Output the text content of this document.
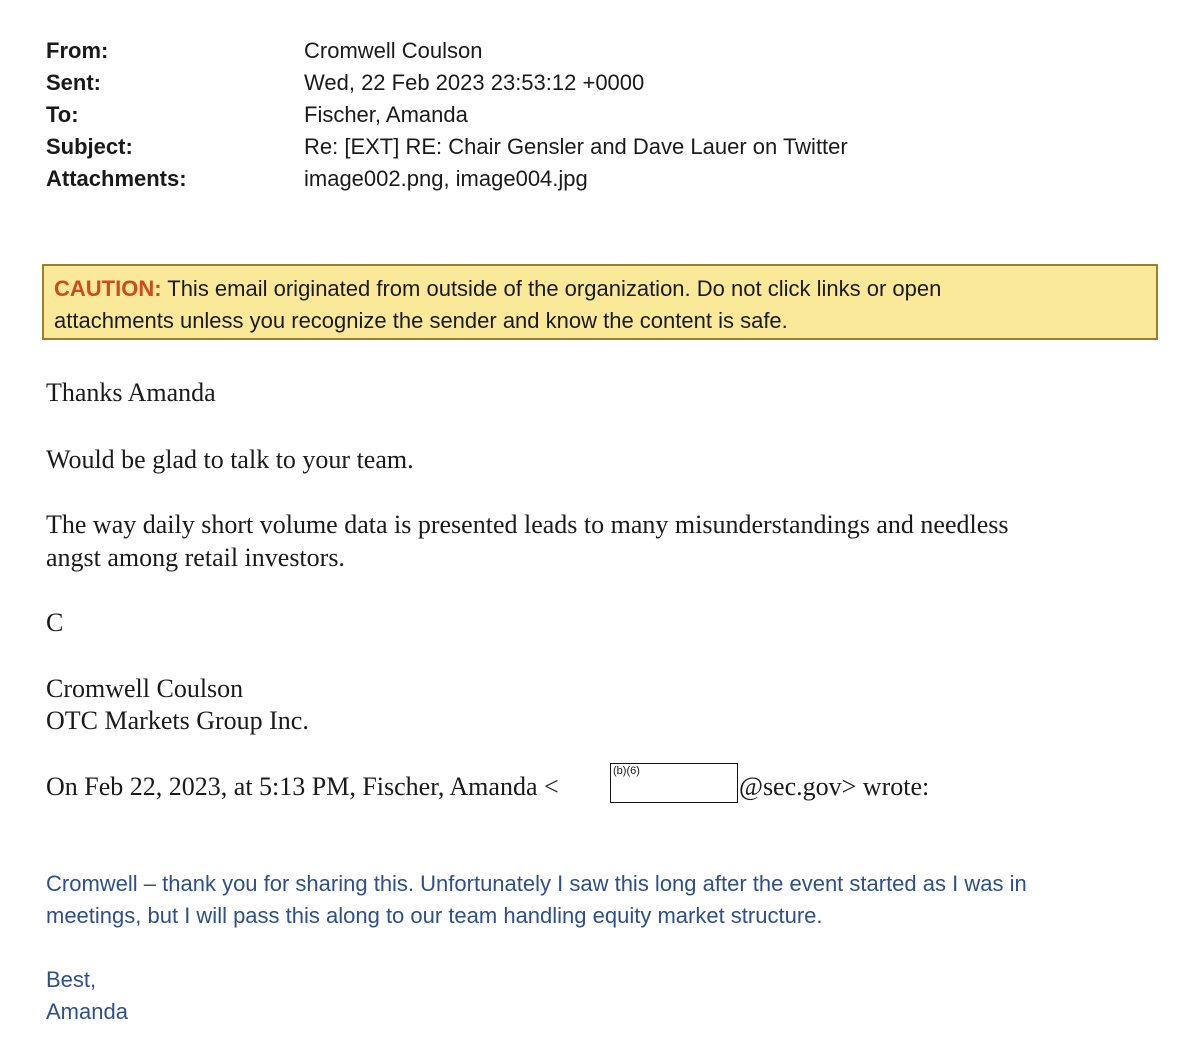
From:	Cromwell Coulson
Sent:	Wed, 22 Feb 2023 23:53:12 +0000
To:	Fischer, Amanda
Subject:	Re: [EXT] RE: Chair Gensler and Dave Lauer on Twitter
Attachments:	image002.png, image004.jpg
CAUTION: This email originated from outside of the organization. Do not click links or open
attachments unless you recognize the sender and know the content is safe.
Thanks Amanda
Would be glad to talk to your team.
The way daily short volume data is presented leads to many misunderstandings and needless
angst among retail investors.
C
Cromwell Coulson
OTC Markets Group Inc.
On Feb 22, 2023, at 5:13 PM, Fischer, Amanda <
(b)(6)
@sec.gov> wrote:
Cromwell – thank you for sharing this. Unfortunately I saw this long after the event started as I was in
meetings, but I will pass this along to our team handling equity market structure.
Best,
Amanda
